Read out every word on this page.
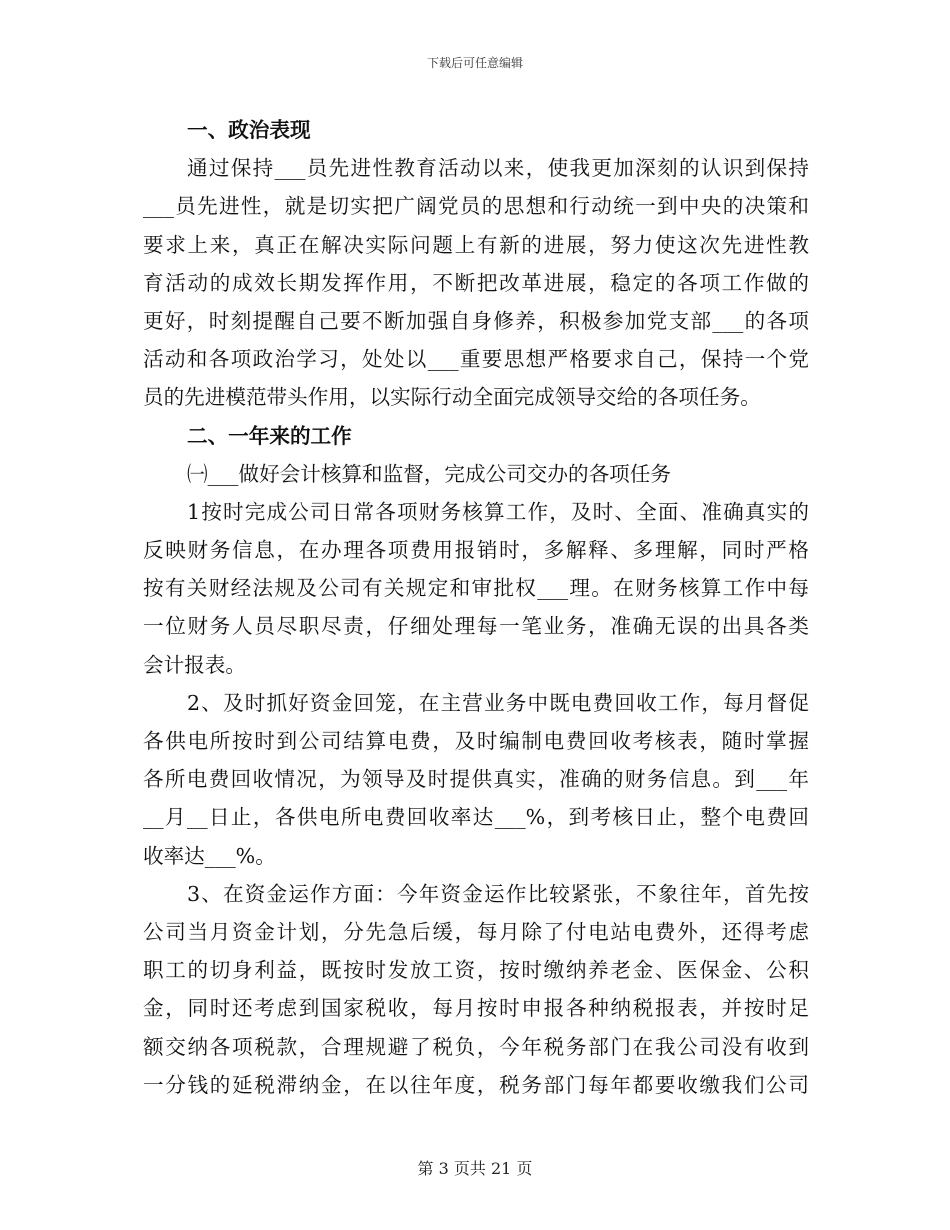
下载后可任意编辑
一、政治表现
通过保持___员先进性教育活动以来，使我更加深刻的认识到保持
___员先进性，就是切实把广阔党员的思想和行动统一到中央的决策和
要求上来，真正在解决实际问题上有新的进展，努力使这次先进性教
育活动的成效长期发挥作用，不断把改革进展，稳定的各项工作做的
更好，时刻提醒自己要不断加强自身修养，积极参加党支部___的各项
活动和各项政治学习，处处以___重要思想严格要求自己，保持一个党
员的先进模范带头作用，以实际行动全面完成领导交给的各项任务。
二、一年来的工作
㈠___做好会计核算和监督，完成公司交办的各项任务
1按时完成公司日常各项财务核算工作，及时、全面、准确真实的
反映财务信息，在办理各项费用报销时，多解释、多理解，同时严格
按有关财经法规及公司有关规定和审批权___理。在财务核算工作中每
一位财务人员尽职尽责，仔细处理每一笔业务，准确无误的出具各类
会计报表。
2、及时抓好资金回笼，在主营业务中既电费回收工作，每月督促
各供电所按时到公司结算电费，及时编制电费回收考核表，随时掌握
各所电费回收情况，为领导及时提供真实，准确的财务信息。到___年
__月__日止，各供电所电费回收率达___%，到考核日止，整个电费回
收率达___%。
3、在资金运作方面：今年资金运作比较紧张，不象往年，首先按
公司当月资金计划，分先急后缓，每月除了付电站电费外，还得考虑
职工的切身利益，既按时发放工资，按时缴纳养老金、医保金、公积
金，同时还考虑到国家税收，每月按时申报各种纳税报表，并按时足
额交纳各项税款，合理规避了税负，今年税务部门在我公司没有收到
一分钱的延税滞纳金，在以往年度，税务部门每年都要收缴我们公司
第 3 页共 21 页
